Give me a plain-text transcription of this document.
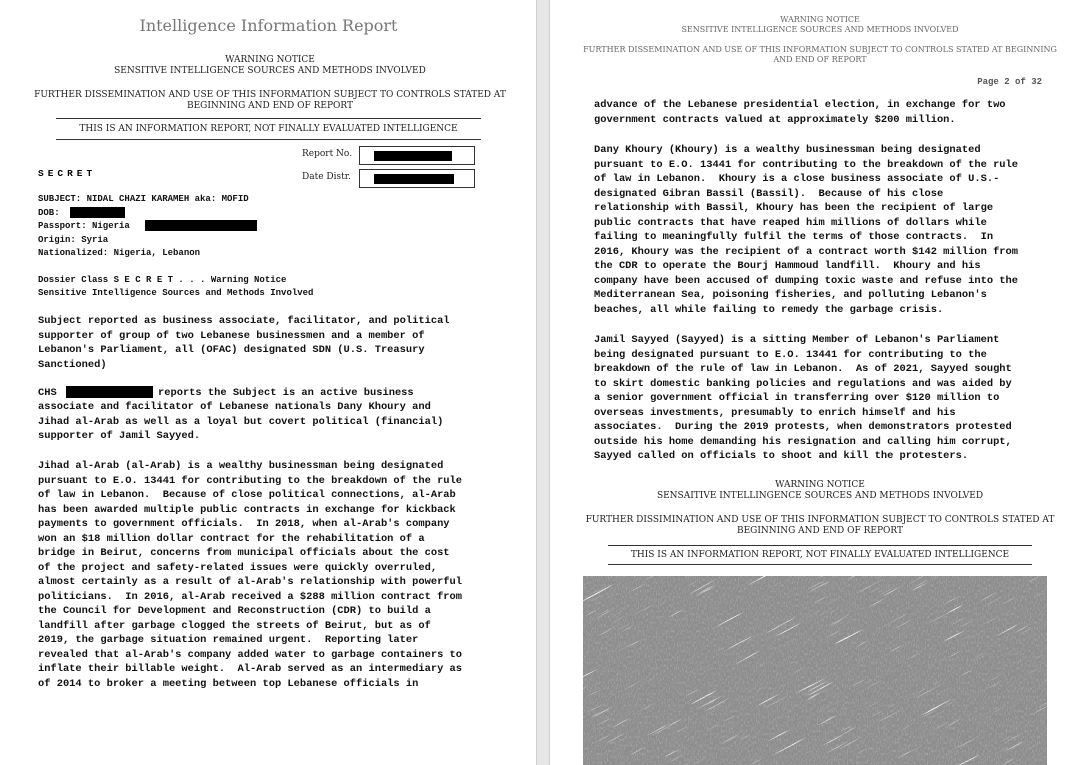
Intelligence Information Report
WARNING NOTICE
SENSITIVE INTELLIGENCE SOURCES AND METHODS INVOLVED
FURTHER DISSEMINATION AND USE OF THIS INFORMATION SUBJECT TO CONTROLS STATED AT
BEGINNING AND END OF REPORT
THIS IS AN INFORMATION REPORT, NOT FINALLY EVALUATED INTELLIGENCE
SECRET
Report No.
Date Distr.
SUBJECT: NIDAL CHAZI KARAMEH aka: MOFID
DOB:
Passport: Nigeria
Origin: Syria
Nationalized: Nigeria, Lebanon
Dossier Class S E C R E T . . . Warning Notice
Sensitive Intelligence Sources and Methods Involved
Subject reported as business associate, facilitator, and political
supporter of group of two Lebanese businessmen and a member of
Lebanon's Parliament, all (OFAC) designated SDN (U.S. Treasury
Sanctioned)
CHS	reports the Subject is an active business
associate and facilitator of Lebanese nationals Dany Khoury and
Jihad al-Arab as well as a loyal but covert political (financial)
supporter of Jamil Sayyed.
Jihad al-Arab (al-Arab) is a wealthy businessman being designated
pursuant to E.O. 13441 for contributing to the breakdown of the rule
of law in Lebanon.  Because of close political connections, al-Arab
has been awarded multiple public contracts in exchange for kickback
payments to government officials.  In 2018, when al-Arab's company
won an $18 million dollar contract for the rehabilitation of a
bridge in Beirut, concerns from municipal officials about the cost
of the project and safety-related issues were quickly overruled,
almost certainly as a result of al-Arab's relationship with powerful
politicians.  In 2016, al-Arab received a $288 million contract from
the Council for Development and Reconstruction (CDR) to build a
landfill after garbage clogged the streets of Beirut, but as of
2019, the garbage situation remained urgent.  Reporting later
revealed that al-Arab's company added water to garbage containers to
inflate their billable weight.  Al-Arab served as an intermediary as
of 2014 to broker a meeting between top Lebanese officials in
WARNING NOTICE
SENSITIVE INTELLIGENCE SOURCES AND METHODS INVOLVED
FURTHER DISSEMINATION AND USE OF THIS INFORMATION SUBJECT TO CONTROLS STATED AT BEGINNING
AND END OF REPORT
Page 2 of 32
advance of the Lebanese presidential election, in exchange for two
government contracts valued at approximately $200 million.
Dany Khoury (Khoury) is a wealthy businessman being designated
pursuant to E.O. 13441 for contributing to the breakdown of the rule
of law in Lebanon.  Khoury is a close business associate of U.S.-
designated Gibran Bassil (Bassil).  Because of his close
relationship with Bassil, Khoury has been the recipient of large
public contracts that have reaped him millions of dollars while
failing to meaningfully fulfil the terms of those contracts.  In
2016, Khoury was the recipient of a contract worth $142 million from
the CDR to operate the Bourj Hammoud landfill.  Khoury and his
company have been accused of dumping toxic waste and refuse into the
Mediterranean Sea, poisoning fisheries, and polluting Lebanon's
beaches, all while failing to remedy the garbage crisis.
Jamil Sayyed (Sayyed) is a sitting Member of Lebanon's Parliament
being designated pursuant to E.O. 13441 for contributing to the
breakdown of the rule of law in Lebanon.  As of 2021, Sayyed sought
to skirt domestic banking policies and regulations and was aided by
a senior government official in transferring over $120 million to
overseas investments, presumably to enrich himself and his
associates.  During the 2019 protests, when demonstrators protested
outside his home demanding his resignation and calling him corrupt,
Sayyed called on officials to shoot and kill the protesters.
WARNING NOTICE
SENSAITIVE INTELLINGENCE SOURCES AND METHODS INVOLVED
FURTHER DISSIMINATION AND USE OF THIS INFORMATION SUBJECT TO CONTROLS STATED AT
BEGINNING AND END OF REPORT
THIS IS AN INFORMATION REPORT, NOT FINALLY EVALUATED INTELLIGENCE
